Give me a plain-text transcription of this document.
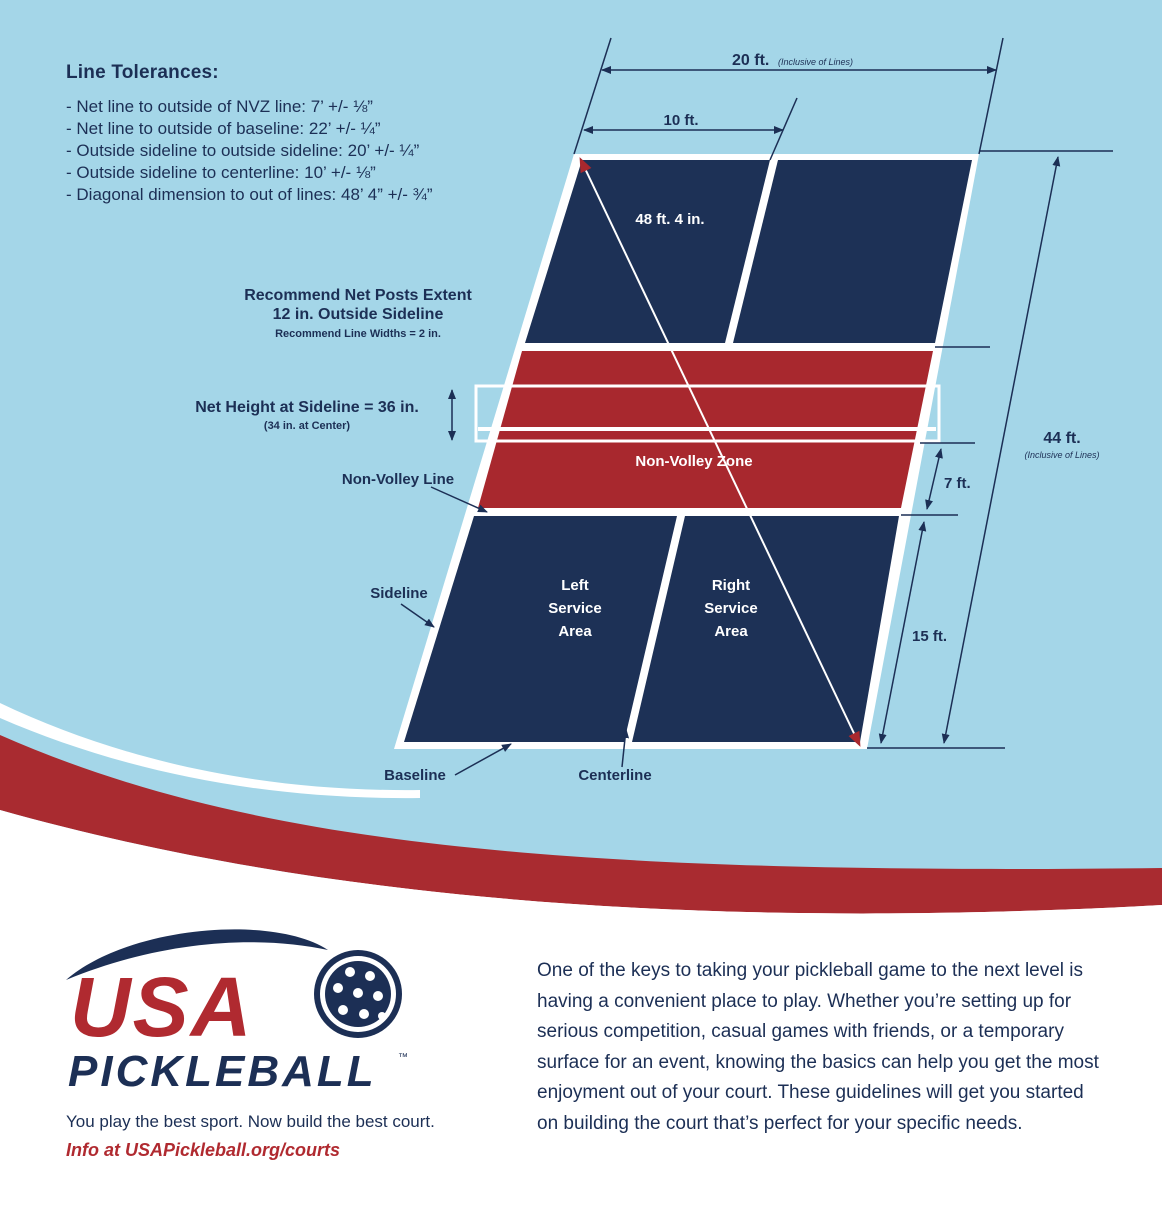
20 ft. (Inclusive of Lines)
10 ft.
48 ft. 4 in.
44 ft.
(Inclusive of Lines)
7 ft.
15 ft.
Recommend Net Posts Extent
12 in. Outside Sideline
Recommend Line Widths = 2 in.
Net Height at Sideline = 36 in.
(34 in. at Center)
Non-Volley Zone
Left
Service
Area
Right
Service
Area
Non-Volley Line
Sideline
Baseline	Centerline

Line Tolerances:

- Net line to outside of NVZ line: 7’ +/- ⅛”
- Net line to outside of baseline: 22’ +/- ¼”
- Outside sideline to outside sideline: 20’ +/- ¼”
- Outside sideline to centerline: 10’ +/- ⅛”
- Diagonal dimension to out of lines: 48’ 4” +/- ¾”
USA
PICKLEBALL ™
You play the best sport. Now build the best court.
Info at USAPickleball.org/courts

One of the keys to taking your pickleball game to the next level is having a convenient place to play. Whether you’re setting up for serious competition, casual games with friends, or a temporary surface for an event, knowing the basics can help you get the most enjoyment out of your court. These guidelines will get you started on building the court that’s perfect for your specific needs.
